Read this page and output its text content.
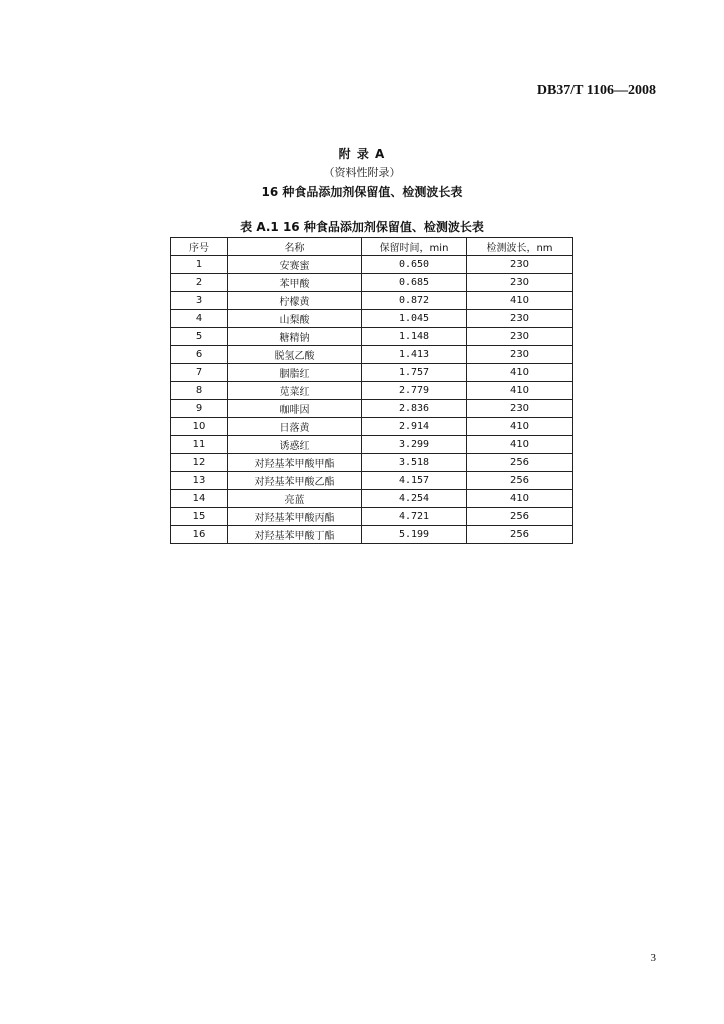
DB37/T 1106—2008
附 录 A
（资料性附录）
16 种食品添加剂保留值、检测波长表
表 A.1 16 种食品添加剂保留值、检测波长表
序号	名称	保留时间，min	检测波长，nm
1	安赛蜜	0.650	230
2	苯甲酸	0.685	230
3	柠檬黄	0.872	410
4	山梨酸	1.045	230
5	糖精钠	1.148	230
6	脱氢乙酸	1.413	230
7	胭脂红	1.757	410
8	苋菜红	2.779	410
9	咖啡因	2.836	230
10	日落黄	2.914	410
11	诱惑红	3.299	410
12	对羟基苯甲酸甲酯	3.518	256
13	对羟基苯甲酸乙酯	4.157	256
14	亮蓝	4.254	410
15	对羟基苯甲酸丙酯	4.721	256
16	对羟基苯甲酸丁酯	5.199	256
3
